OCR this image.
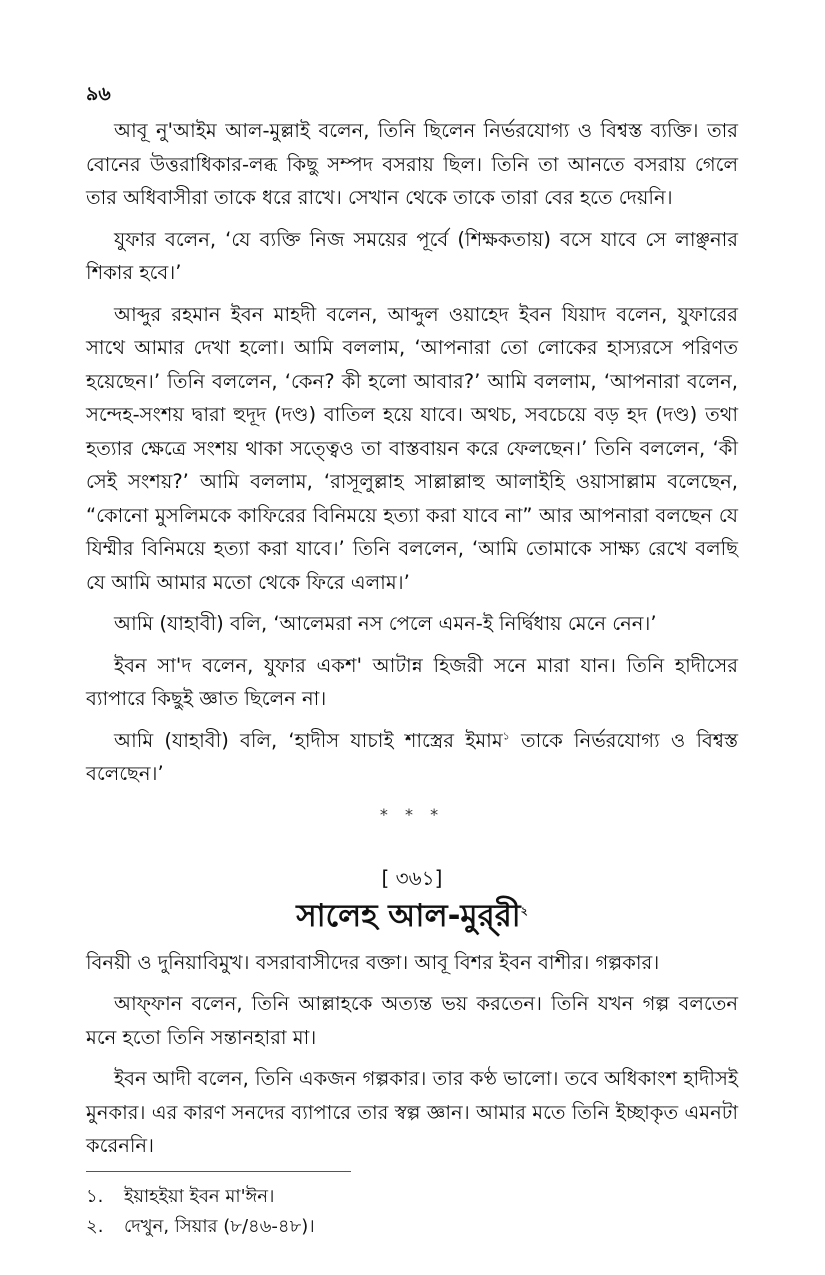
৯৬

আবূ নু'আইম আল-মুল্লাই বলেন, তিনি ছিলেন নির্ভরযোগ্য ও বিশ্বস্ত ব্যক্তি। তার বোনের উত্তরাধিকার-লব্ধ কিছু সম্পদ বসরায় ছিল। তিনি তা আনতে বসরায় গেলে তার অধিবাসীরা তাকে ধরে রাখে। সেখান থেকে তাকে তারা বের হতে দেয়নি।

যুফার বলেন, ‘যে ব্যক্তি নিজ সময়ের পূর্বে (শিক্ষকতায়) বসে যাবে সে লাঞ্ছনার শিকার হবে।’

আব্দুর রহমান ইবন মাহদী বলেন, আব্দুল ওয়াহেদ ইবন যিয়াদ বলেন, যুফারের সাথে আমার দেখা হলো। আমি বললাম, ‘আপনারা তো লোকের হাস্যরসে পরিণত হয়েছেন।’ তিনি বললেন, ‘কেন? কী হলো আবার?’ আমি বললাম, ‘আপনারা বলেন, সন্দেহ-সংশয় দ্বারা হুদূদ (দণ্ড) বাতিল হয়ে যাবে। অথচ, সবচেয়ে বড় হদ (দণ্ড) তথা হত্যার ক্ষেত্রে সংশয় থাকা সত্ত্বেও তা বাস্তবায়ন করে ফেলছেন।’ তিনি বললেন, ‘কী সেই সংশয়?’ আমি বললাম, ‘রাসূলুল্লাহ সাল্লাল্লাহু আলাইহি ওয়াসাল্লাম বলেছেন, “কোনো মুসলিমকে কাফিরের বিনিময়ে হত্যা করা যাবে না” আর আপনারা বলছেন যে যিম্মীর বিনিময়ে হত্যা করা যাবে।’ তিনি বললেন, ‘আমি তোমাকে সাক্ষ্য রেখে বলছি যে আমি আমার মতো থেকে ফিরে এলাম।’

আমি (যাহাবী) বলি, ‘আলেমরা নস পেলে এমন-ই নির্দ্বিধায় মেনে নেন।’

ইবন সা'দ বলেন, যুফার একশ' আটান্ন হিজরী সনে মারা যান। তিনি হাদীসের ব্যাপারে কিছুই জ্ঞাত ছিলেন না।

আমি (যাহাবী) বলি, ‘হাদীস যাচাই শাস্ত্রের ইমাম$^১$ তাকে নির্ভরযোগ্য ও বিশ্বস্ত বলেছেন।’

* * *
[ ৩৬১]
সালেহ আল-মুর্‌রী$^২$

বিনয়ী ও দুনিয়াবিমুখ। বসরাবাসীদের বক্তা। আবূ বিশর ইবন বাশীর। গল্পকার।

আফ্ফান বলেন, তিনি আল্লাহকে অত্যন্ত ভয় করতেন। তিনি যখন গল্প বলতেন মনে হতো তিনি সন্তানহারা মা।

ইবন আদী বলেন, তিনি একজন গল্পকার। তার কণ্ঠ ভালো। তবে অধিকাংশ হাদীসই মুনকার। এর কারণ সনদের ব্যাপারে তার স্বল্প জ্ঞান। আমার মতে তিনি ইচ্ছাকৃত এমনটা করেননি।

১.	ইয়াহইয়া ইবন মা'ঈন।
২.	দেখুন, সিয়ার (৮/৪৬-৪৮)।
